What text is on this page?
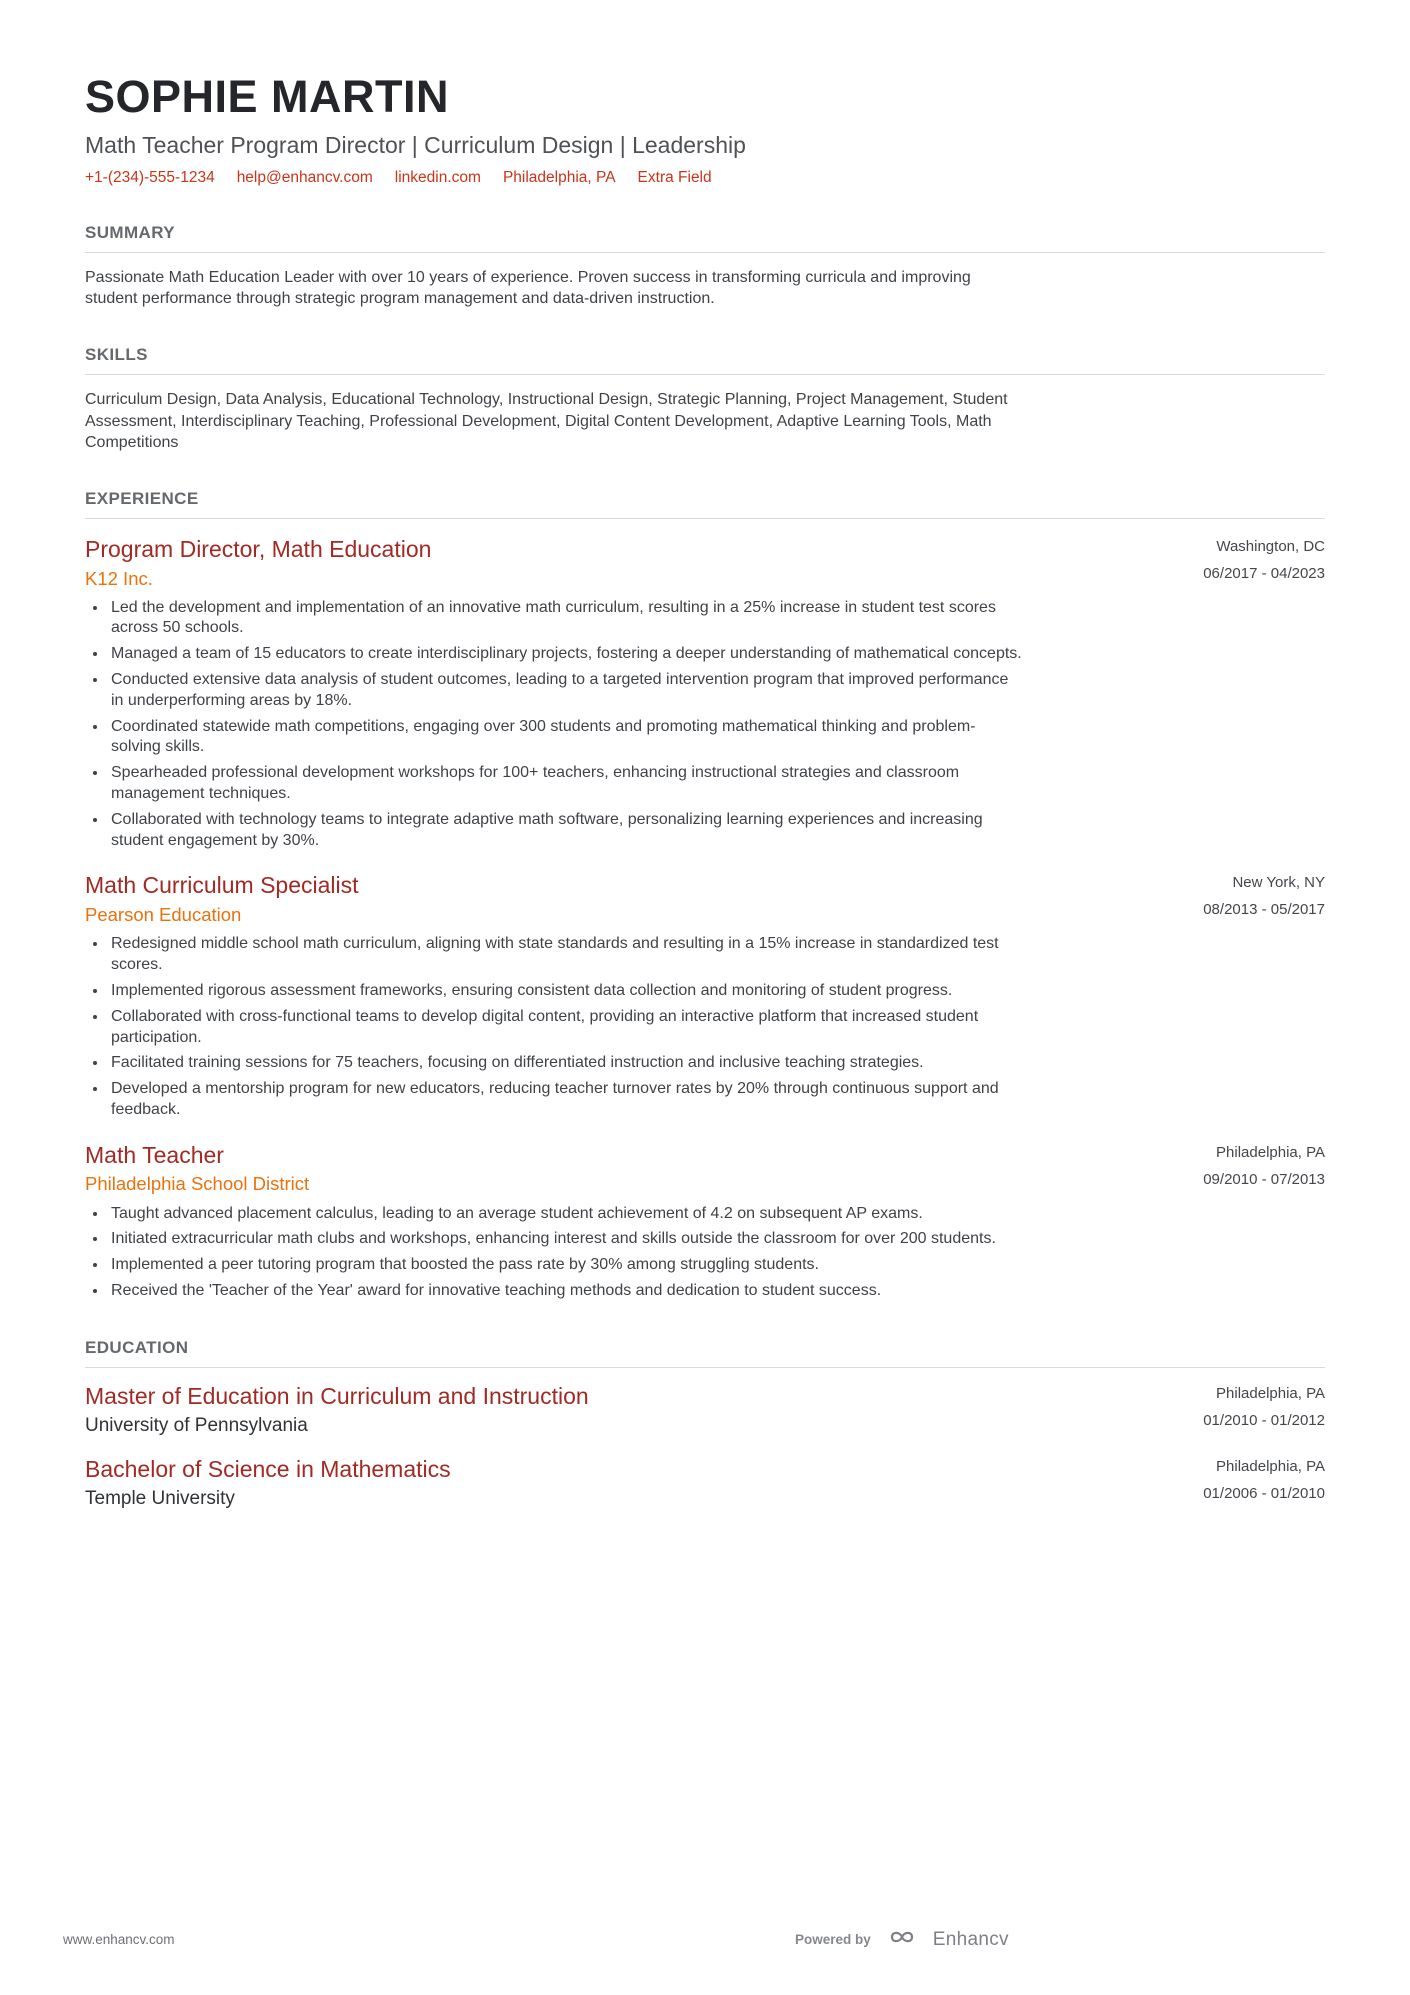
SOPHIE MARTIN
Math Teacher Program Director | Curriculum Design | Leadership
+1-(234)-555-1234 help@enhancv.com linkedin.com Philadelphia, PA Extra Field
SUMMARY

Passionate Math Education Leader with over 10 years of experience. Proven success in transforming curricula and improving student performance through strategic program management and data-driven instruction.

SKILLS

Curriculum Design, Data Analysis, Educational Technology, Instructional Design, Strategic Planning, Project Management, Student Assessment, Interdisciplinary Teaching, Professional Development, Digital Content Development, Adaptive Learning Tools, Math Competitions

EXPERIENCE
Program Director, Math Education
K12 Inc.
Washington, DC
06/2017 - 04/2023
• Led the development and implementation of an innovative math curriculum, resulting in a 25% increase in student test scores across 50 schools.
• Managed a team of 15 educators to create interdisciplinary projects, fostering a deeper understanding of mathematical concepts.
• Conducted extensive data analysis of student outcomes, leading to a targeted intervention program that improved performance in underperforming areas by 18%.
• Coordinated statewide math competitions, engaging over 300 students and promoting mathematical thinking and problem-solving skills.
• Spearheaded professional development workshops for 100+ teachers, enhancing instructional strategies and classroom management techniques.
• Collaborated with technology teams to integrate adaptive math software, personalizing learning experiences and increasing student engagement by 30%.
Math Curriculum Specialist
Pearson Education
New York, NY
08/2013 - 05/2017
• Redesigned middle school math curriculum, aligning with state standards and resulting in a 15% increase in standardized test scores.
• Implemented rigorous assessment frameworks, ensuring consistent data collection and monitoring of student progress.
• Collaborated with cross-functional teams to develop digital content, providing an interactive platform that increased student participation.
• Facilitated training sessions for 75 teachers, focusing on differentiated instruction and inclusive teaching strategies.
• Developed a mentorship program for new educators, reducing teacher turnover rates by 20% through continuous support and feedback.
Math Teacher
Philadelphia School District
Philadelphia, PA
09/2010 - 07/2013
• Taught advanced placement calculus, leading to an average student achievement of 4.2 on subsequent AP exams.
• Initiated extracurricular math clubs and workshops, enhancing interest and skills outside the classroom for over 200 students.
• Implemented a peer tutoring program that boosted the pass rate by 30% among struggling students.
• Received the 'Teacher of the Year' award for innovative teaching methods and dedication to student success.
EDUCATION
Master of Education in Curriculum and Instruction
University of Pennsylvania
Philadelphia, PA
01/2010 - 01/2012
Bachelor of Science in Mathematics
Temple University
Philadelphia, PA
01/2006 - 01/2010
www.enhancv.com	Powered by	Enhancv
